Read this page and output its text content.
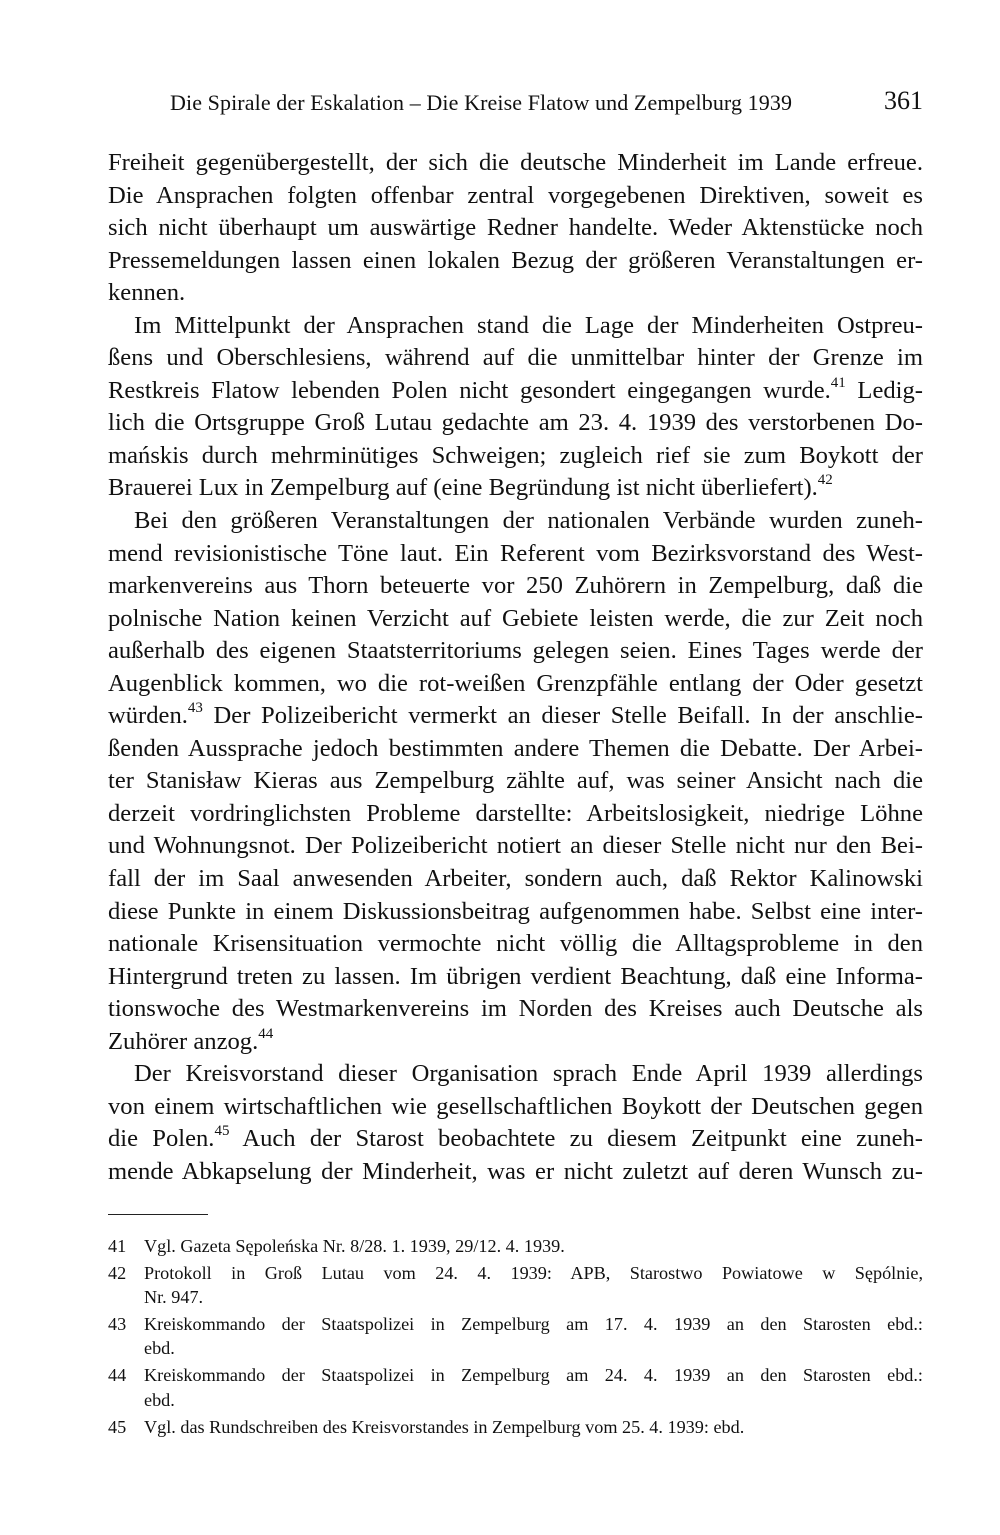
Die Spirale der Eskalation – Die Kreise Flatow und Zempelburg 1939	361
Freiheit gegenübergestellt, der sich die deutsche Minderheit im Lande erfreue.
Die Ansprachen folgten offenbar zentral vorgegebenen Direktiven, soweit es
sich nicht überhaupt um auswärtige Redner handelte. Weder Aktenstücke noch
Pressemeldungen lassen einen lokalen Bezug der größeren Veranstaltungen er-
kennen.
Im Mittelpunkt der Ansprachen stand die Lage der Minderheiten Ostpreu-
ßens und Oberschlesiens, während auf die unmittelbar hinter der Grenze im
Restkreis Flatow lebenden Polen nicht gesondert eingegangen wurde.$^{41}$ Ledig-
lich die Ortsgruppe Groß Lutau gedachte am 23. 4. 1939 des verstorbenen Do-
mańskis durch mehrminütiges Schweigen; zugleich rief sie zum Boykott der
Brauerei Lux in Zempelburg auf (eine Begründung ist nicht überliefert).$^{42}$
Bei den größeren Veranstaltungen der nationalen Verbände wurden zuneh-
mend revisionistische Töne laut. Ein Referent vom Bezirksvorstand des West-
markenvereins aus Thorn beteuerte vor 250 Zuhörern in Zempelburg, daß die
polnische Nation keinen Verzicht auf Gebiete leisten werde, die zur Zeit noch
außerhalb des eigenen Staatsterritoriums gelegen seien. Eines Tages werde der
Augenblick kommen, wo die rot-weißen Grenzpfähle entlang der Oder gesetzt
würden.$^{43}$ Der Polizeibericht vermerkt an dieser Stelle Beifall. In der anschlie-
ßenden Aussprache jedoch bestimmten andere Themen die Debatte. Der Arbei-
ter Stanisław Kieras aus Zempelburg zählte auf, was seiner Ansicht nach die
derzeit vordringlichsten Probleme darstellte: Arbeitslosigkeit, niedrige Löhne
und Wohnungsnot. Der Polizeibericht notiert an dieser Stelle nicht nur den Bei-
fall der im Saal anwesenden Arbeiter, sondern auch, daß Rektor Kalinowski
diese Punkte in einem Diskussionsbeitrag aufgenommen habe. Selbst eine inter-
nationale Krisensituation vermochte nicht völlig die Alltagsprobleme in den
Hintergrund treten zu lassen. Im übrigen verdient Beachtung, daß eine Informa-
tionswoche des Westmarkenvereins im Norden des Kreises auch Deutsche als
Zuhörer anzog.$^{44}$
Der Kreisvorstand dieser Organisation sprach Ende April 1939 allerdings
von einem wirtschaftlichen wie gesellschaftlichen Boykott der Deutschen gegen
die Polen.$^{45}$ Auch der Starost beobachtete zu diesem Zeitpunkt eine zuneh-
mende Abkapselung der Minderheit, was er nicht zuletzt auf deren Wunsch zu-
41 Vgl. Gazeta Sępoleńska Nr. 8/28. 1. 1939, 29/12. 4. 1939.
42 Protokoll in Groß Lutau vom 24. 4. 1939: APB, Starostwo Powiatowe w Sępólnie,
Nr. 947.
43 Kreiskommando der Staatspolizei in Zempelburg am 17. 4. 1939 an den Starosten ebd.:
ebd.
44 Kreiskommando der Staatspolizei in Zempelburg am 24. 4. 1939 an den Starosten ebd.:
ebd.
45 Vgl. das Rundschreiben des Kreisvorstandes in Zempelburg vom 25. 4. 1939: ebd.
